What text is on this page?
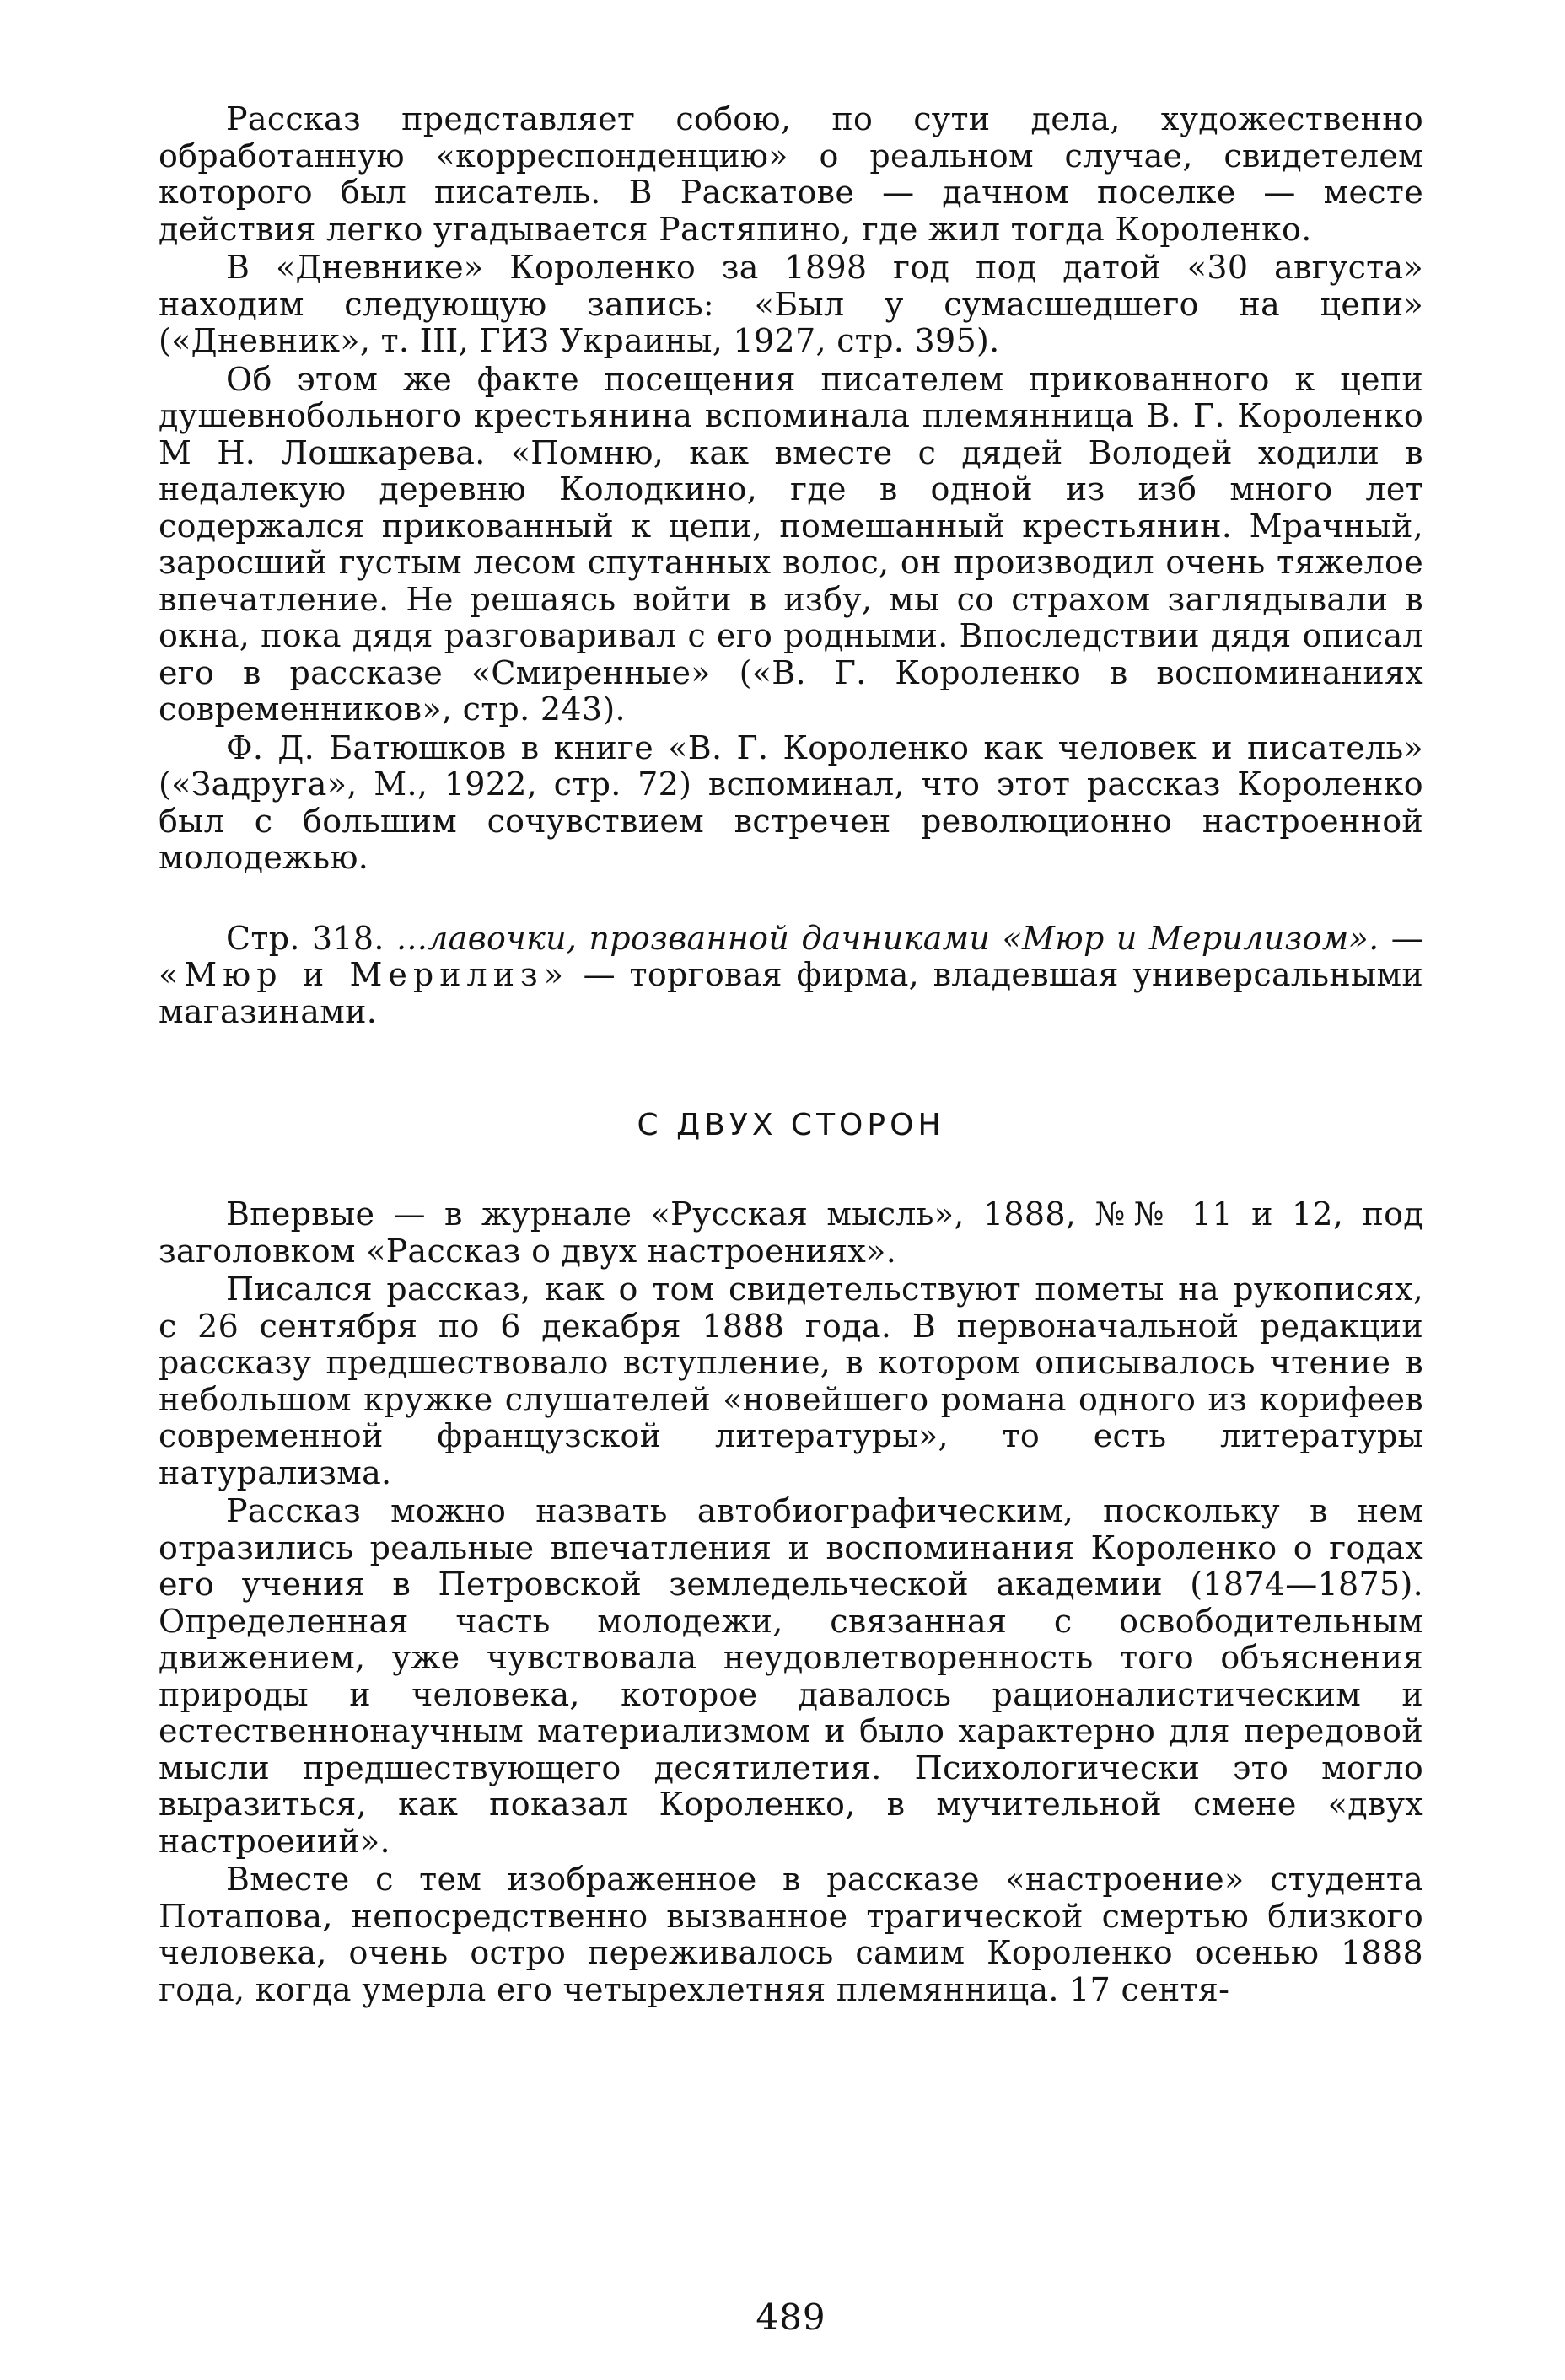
Рассказ представляет собою, по сути дела, художественно обработанную «корреспонденцию» о реальном случае, свидетелем которого был писатель. В Раскатове — дачном поселке — месте действия легко угадывается Растяпино, где жил тогда Короленко.

В «Дневнике» Короленко за 1898 год под датой «30 августа» находим следующую запись: «Был у сумасшедшего на цепи» («Дневник», т. III, ГИЗ Украины, 1927, стр. 395).

Об этом же факте посещения писателем прикованного к цепи душевнобольного крестьянина вспоминала племянница В. Г. Короленко М Н. Лошкарева. «Помню, как вместе с дядей Володей ходили в недалекую деревню Колодкино, где в одной из изб много лет содержался прикованный к цепи, помешанный крестьянин. Мрачный, заросший густым лесом спутанных волос, он производил очень тяжелое впечатление. Не решаясь войти в избу, мы со страхом заглядывали в окна, пока дядя разговаривал с его родными. Впоследствии дядя описал его в рассказе «Смиренные» («В. Г. Короленко в воспоминаниях современников», стр. 243).

Ф. Д. Батюшков в книге «В. Г. Короленко как человек и писатель» («Задруга», М., 1922, стр. 72) вспоминал, что этот рассказ Короленко был с большим сочувствием встречен революционно настроенной молодежью.

Стр. 318. ...лавочки, прозванной дачниками «Мюр и Мерилизом». — «Мюр и Мерилиз» — торговая фирма, владевшая универсальными магазинами.

С ДВУХ СТОРОН

Впервые — в журнале «Русская мысль», 1888, №№ 11 и 12, под заголовком «Рассказ о двух настроениях».

Писался рассказ, как о том свидетельствуют пометы на рукописях, с 26 сентября по 6 декабря 1888 года. В первоначальной редакции рассказу предшествовало вступление, в котором описывалось чтение в небольшом кружке слушателей «новейшего романа одного из корифеев современной французской литературы», то есть литературы натурализма.

Рассказ можно назвать автобиографическим, поскольку в нем отразились реальные впечатления и воспоминания Короленко о годах его учения в Петровской земледельческой академии (1874—1875). Определенная часть молодежи, связанная с освободительным движением, уже чувствовала неудовлетворенность того объяснения природы и человека, которое давалось рационалистическим и естественнонаучным материализмом и было характерно для передовой мысли предшествующего десятилетия. Психологически это могло выразиться, как показал Короленко, в мучительной смене «двух настроеиий».

Вместе с тем изображенное в рассказе «настроение» студента Потапова, непосредственно вызванное трагической смертью близкого человека, очень остро переживалось самим Короленко осенью 1888 года, когда умерла его четырехлетняя племянница. 17 сентя-

489
